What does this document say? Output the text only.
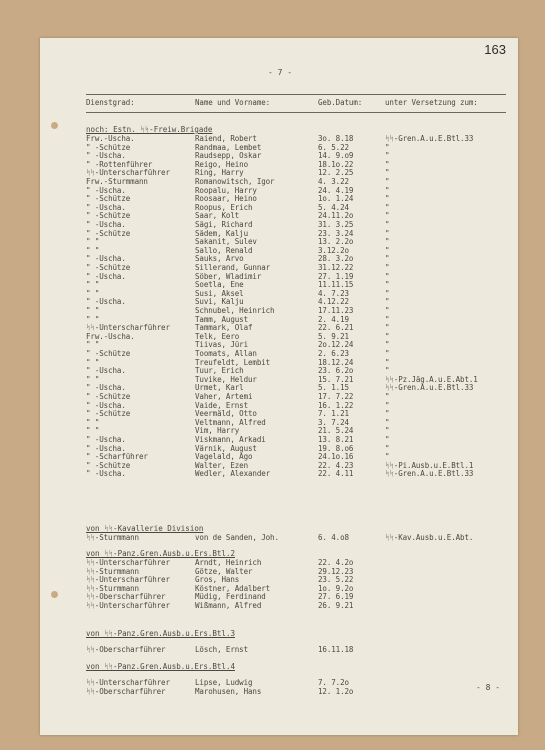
163
- 7 -
Dienstgrad:	Name und Vorname:	Geb.Datum:	unter Versetzung zum:
noch: Estn. ᛋᛋ-Freiw.Brigade
Frw.-Uscha.	Raiend, Robert	3o. 8.18	ᛋᛋ-Gren.A.u.E.Btl.33
" -Schütze	Randmaa, Lembet	6. 5.22	"
" -Uscha.	Raudsepp, Oskar	14. 9.o9	"
" -Rottenführer	Reigo, Heino	18.1o.22	"
ᛋᛋ-Unterscharführer	Ring, Harry	12. 2.25	"
Frw.-Sturmmann	Romanowitsch, Igor	4. 3.22	"
" -Uscha.	Roopalu, Harry	24. 4.19	"
" -Schütze	Roosaar, Heino	1o. 1.24	"
" -Uscha.	Roopus, Erich	5. 4.24	"
" -Schütze	Saar, Kolt	24.11.2o	"
" -Uscha.	Sägi, Richard	31. 3.25	"
" -Schütze	Sädem, Kalju	23. 3.24	"
" "	Sakanit, Sulev	13. 2.2o	"
" "	Sallo, Renald	3.12.2o	"
" -Uscha.	Sauks, Arvo	28. 3.2o	"
" -Schütze	Sillerand, Gunnar	31.12.22	"
" -Uscha.	Söber, Wladimir	27. 1.19	"
" "	Soetla, Ene	11.11.15	"
" "	Susi, Aksel	4. 7.23	"
" -Uscha.	Suvi, Kalju	4.12.22	"
" "	Schnubel, Heinrich	17.11.23	"
" "	Tamm, August	2. 4.19	"
ᛋᛋ-Unterscharführer	Tammark, Olaf	22. 6.21	"
Frw.-Uscha.	Telk, Eero	5. 9.21	"
" "	Tiivas, Jüri	2o.12.24	"
" -Schütze	Toomats, Allan	2. 6.23	"
" "	Treufeldt, Lembit	18.12.24	"
" -Uscha.	Tuur, Erich	23. 6.2o	"
" "	Tuvike, Heldur	15. 7.21	ᛋᛋ-Pz.Jäg.A.u.E.Abt.1
" -Uscha.	Urmet, Karl	5. 1.15	ᛋᛋ-Gren.A.u.E.Btl.33
" -Schütze	Vaher, Artemi	17. 7.22	"
" -Uscha.	Vaide, Ernst	16. 1.22	"
" -Schütze	Veermäld, Otto	7. 1.21	"
" "	Veltmann, Alfred	3. 7.24	"
" "	Vim, Harry	21. 5.24	"
" -Uscha.	Viskmann, Arkadi	13. 8.21	"
" -Uscha.	Värnik, August	19. 8.o6	"
" -Scharführer	Vagelald, Ago	24.1o.16	"
" -Schütze	Walter, Ezen	22. 4.23	ᛋᛋ-Pi.Ausb.u.E.Btl.1
" -Uscha.	Wedler, Alexander	22. 4.11	ᛋᛋ-Gren.A.u.E.Btl.33
von ᛋᛋ-Kavallerie Division
ᛋᛋ-Sturmmann	von de Sanden, Joh.	6. 4.o8	ᛋᛋ-Kav.Ausb.u.E.Abt.
von ᛋᛋ-Panz.Gren.Ausb.u.Ers.Btl.2
ᛋᛋ-Unterscharführer	Arndt, Heinrich	22. 4.2o
ᛋᛋ-Sturmmann	Götze, Walter	29.12.23
ᛋᛋ-Unterscharführer	Gros, Hans	23. 5.22
ᛋᛋ-Sturmmann	Köstner, Adalbert	1o. 9.2o
ᛋᛋ-Oberscharführer	Müdig, Ferdinand	27. 6.19
ᛋᛋ-Unterscharführer	Wißmann, Alfred	26. 9.21
von ᛋᛋ-Panz.Gren.Ausb.u.Ers.Btl.3
ᛋᛋ-Oberscharführer	Lösch, Ernst	16.11.18
von ᛋᛋ-Panz.Gren.Ausb.u.Ers.Btl.4
ᛋᛋ-Unterscharführer	Lipse, Ludwig	7. 7.2o
ᛋᛋ-Oberscharführer	Marohusen, Hans	12. 1.2o	- 8 -
